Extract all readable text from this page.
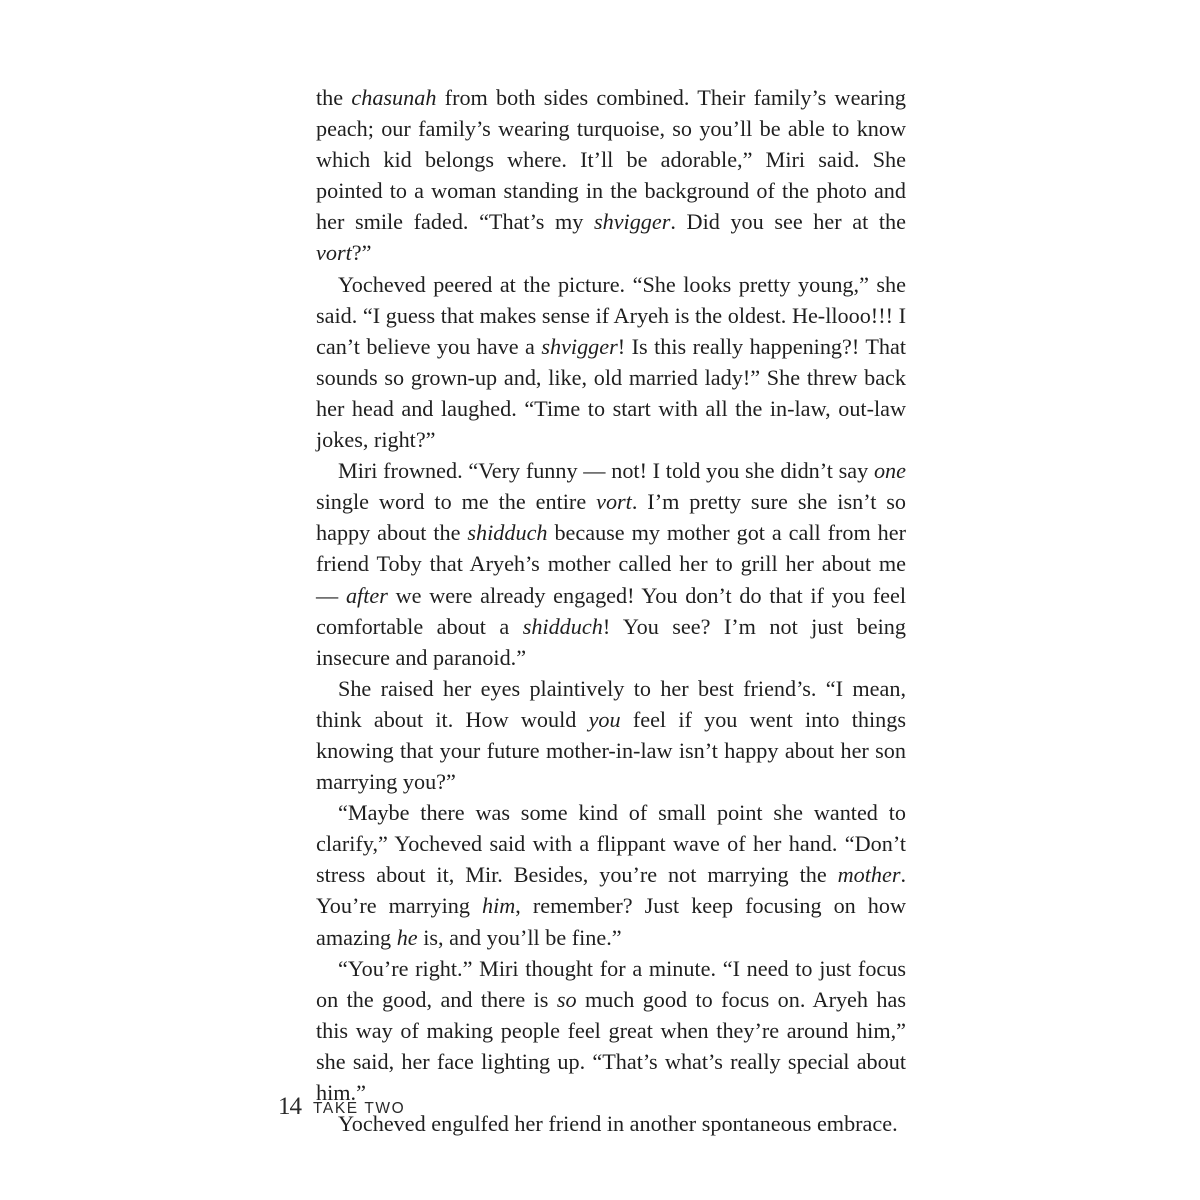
the chasunah from both sides combined. Their family’s wearing peach; our family’s wearing turquoise, so you’ll be able to know which kid belongs where. It’ll be adorable,” Miri said. She pointed to a woman standing in the background of the photo and her smile faded. “That’s my shvigger. Did you see her at the vort?”

Yocheved peered at the picture. “She looks pretty young,” she said. “I guess that makes sense if Aryeh is the oldest. He-llooo!!! I can’t believe you have a shvigger! Is this really happening?! That sounds so grown-up and, like, old married lady!” She threw back her head and laughed. “Time to start with all the in-law, out-law jokes, right?”

Miri frowned. “Very funny — not! I told you she didn’t say one single word to me the entire vort. I’m pretty sure she isn’t so happy about the shidduch because my mother got a call from her friend Toby that Aryeh’s mother called her to grill her about me — after we were already engaged! You don’t do that if you feel comfortable about a shidduch! You see? I’m not just being insecure and paranoid.”

She raised her eyes plaintively to her best friend’s. “I mean, think about it. How would you feel if you went into things knowing that your future mother-in-law isn’t happy about her son marrying you?”

“Maybe there was some kind of small point she wanted to clarify,” Yocheved said with a flippant wave of her hand. “Don’t stress about it, Mir. Besides, you’re not marrying the mother. You’re marrying him, remember? Just keep focusing on how amazing he is, and you’ll be fine.”

“You’re right.” Miri thought for a minute. “I need to just focus on the good, and there is so much good to focus on. Aryeh has this way of making people feel great when they’re around him,” she said, her face lighting up. “That’s what’s really special about him.”

Yocheved engulfed her friend in another spontaneous embrace.

14 TAKE TWO
